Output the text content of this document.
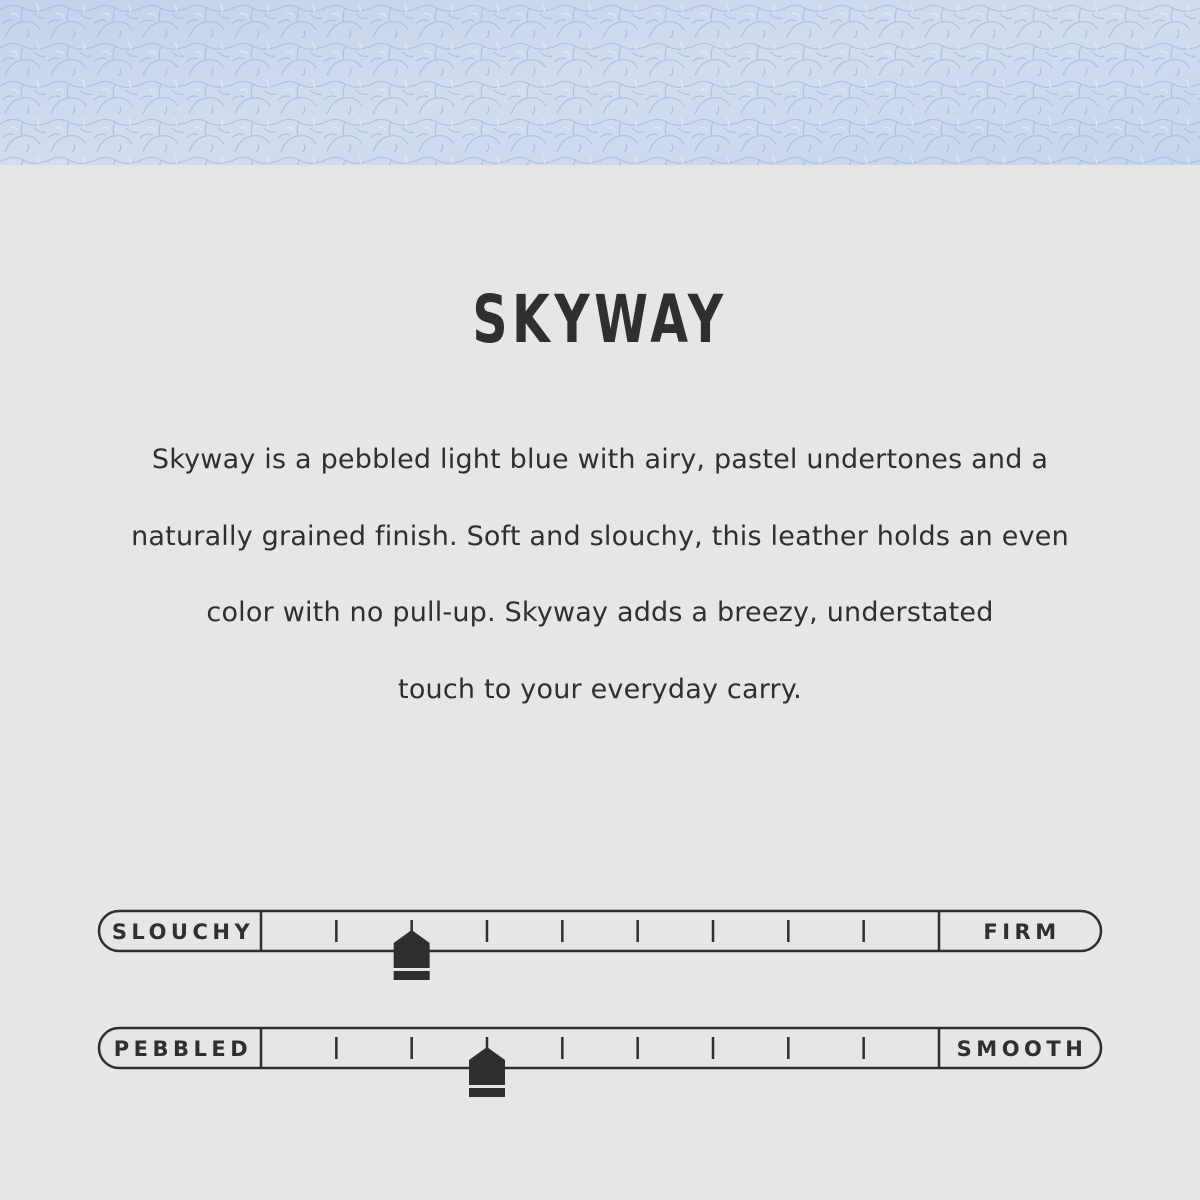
SKYWAY
Skyway is a pebbled light blue with airy, pastel undertones and a
naturally grained finish. Soft and slouchy, this leather holds an even
color with no pull-up. Skyway adds a breezy, understated
touch to your everyday carry.
SLOUCHY	FIRM
PEBBLED	SMOOTH
